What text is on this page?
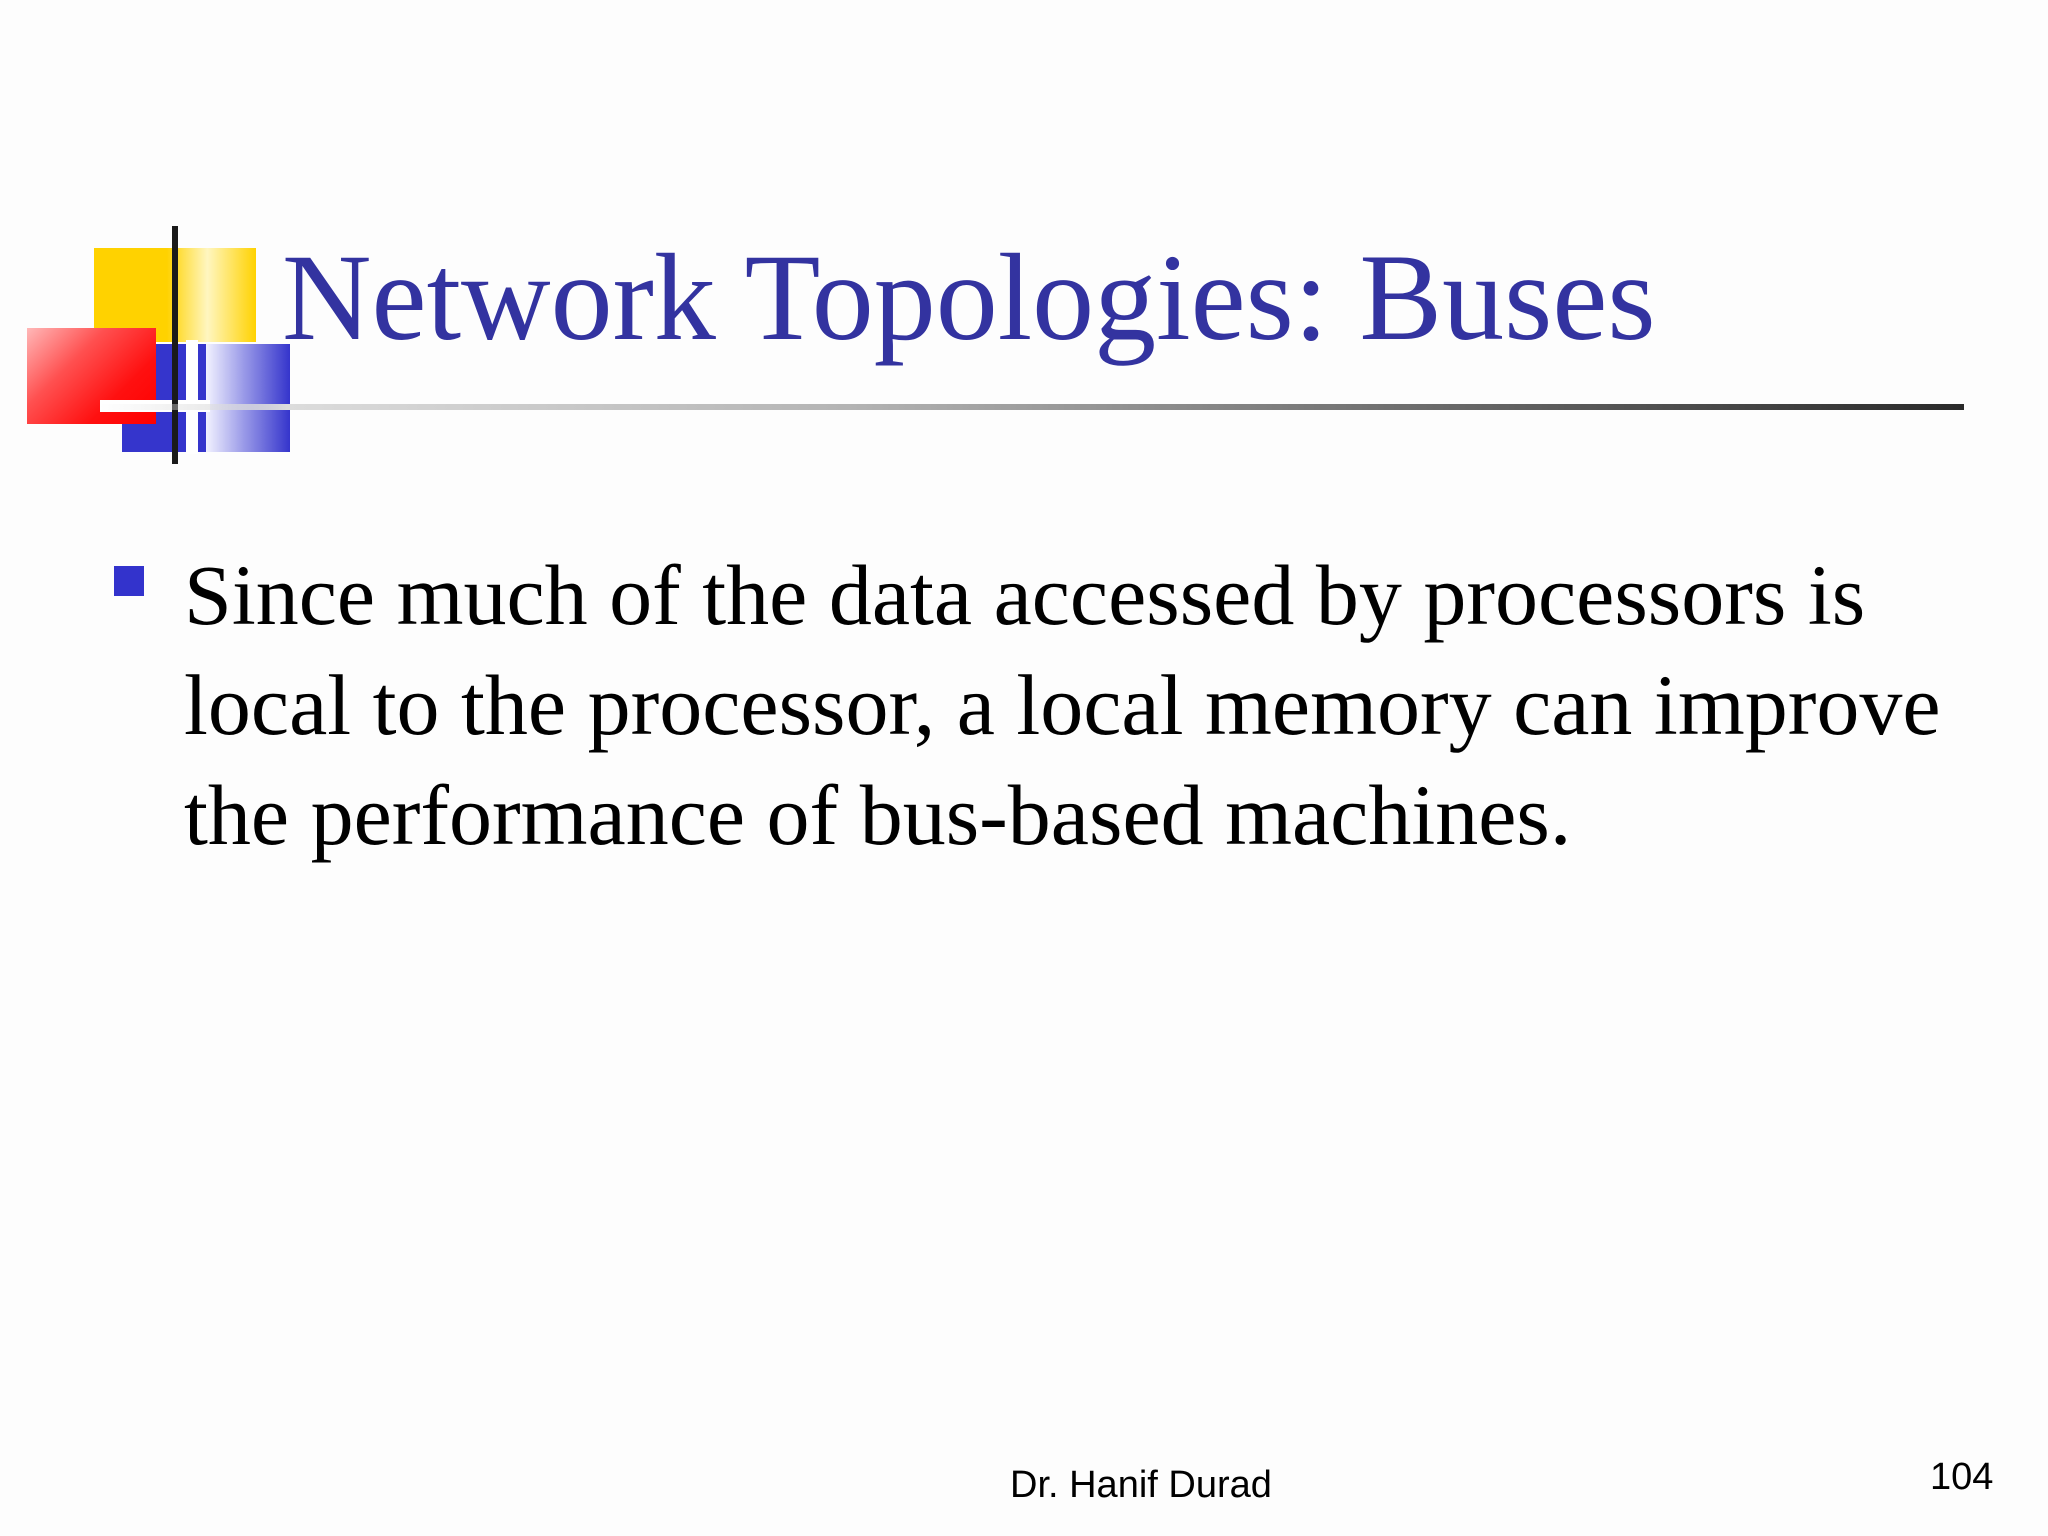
Network Topologies: Buses

Since much of the data accessed by processors is local to the processor, a local memory can improve the performance of bus-based machines.

Dr. Hanif Durad	104
